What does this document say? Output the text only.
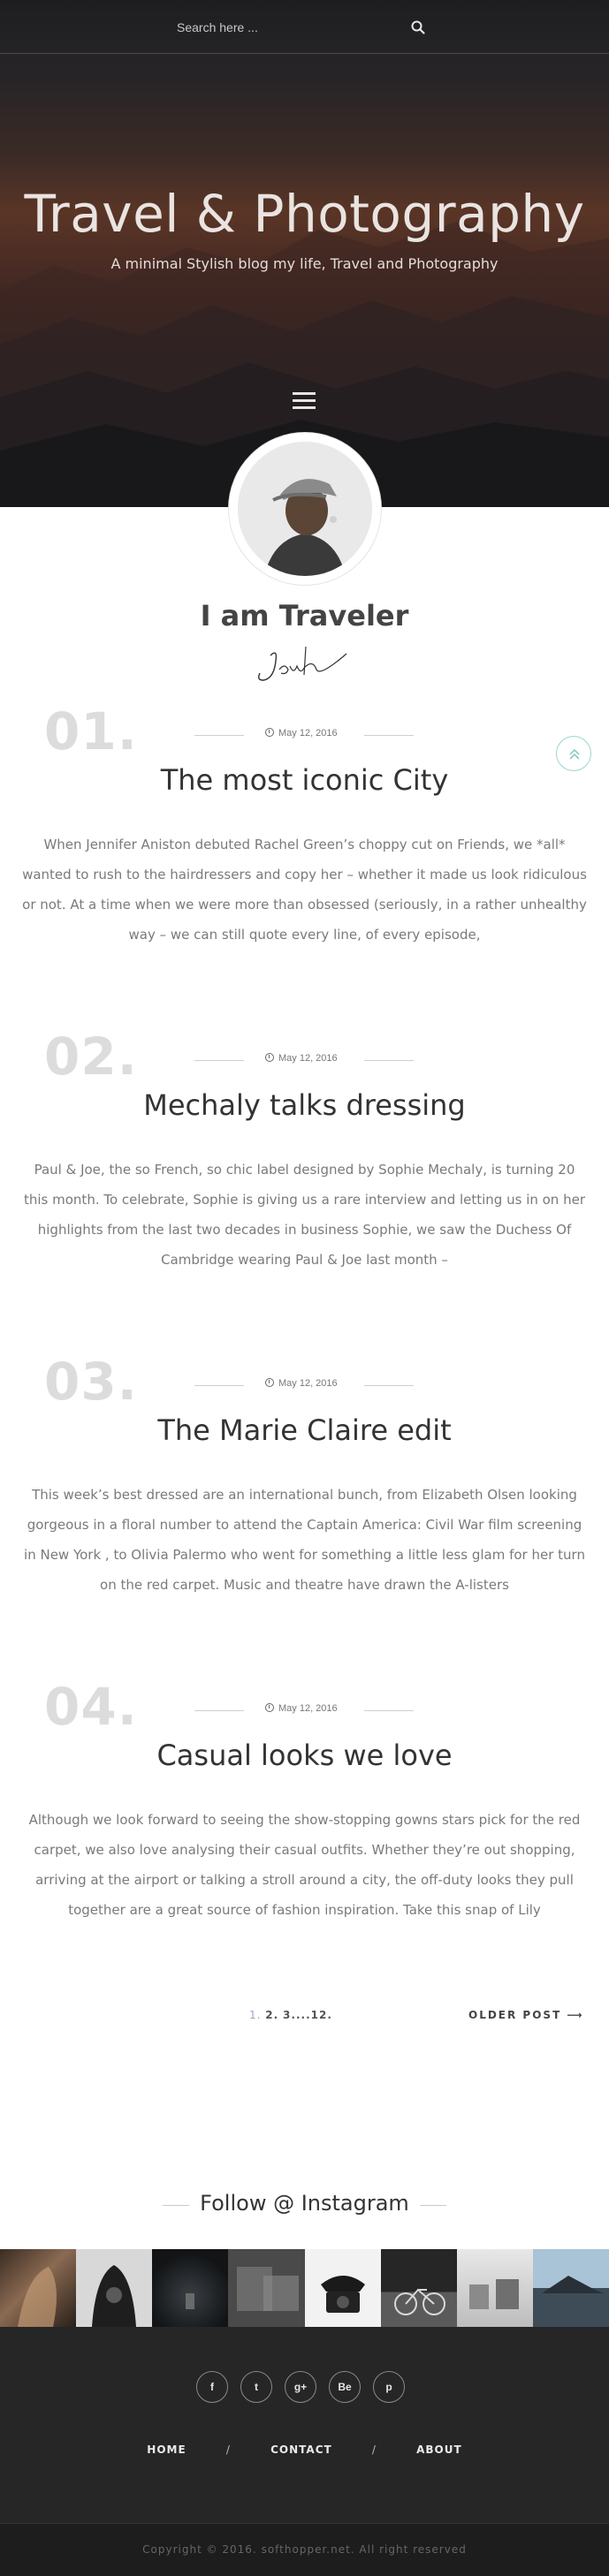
Search here ...
Travel & Photography

A minimal Stylish blog my life, Travel and Photography

I am Traveler
01.	May 12, 2016
The most iconic City

When Jennifer Aniston debuted Rachel Green’s choppy cut on Friends, we *all* wanted to rush to the hairdressers and copy her – whether it made us look ridiculous or not. At a time when we were more than obsessed (seriously, in a rather unhealthy way – we can still quote every line, of every episode,

02.	May 12, 2016
Mechaly talks dressing

Paul & Joe, the so French, so chic label designed by Sophie Mechaly, is turning 20 this month. To celebrate, Sophie is giving us a rare interview and letting us in on her highlights from the last two decades in business Sophie, we saw the Duchess Of Cambridge wearing Paul & Joe last month –

03.	May 12, 2016
The Marie Claire edit

This week’s best dressed are an international bunch, from Elizabeth Olsen looking gorgeous in a floral number to attend the Captain America: Civil War film screening in New York , to Olivia Palermo who went for something a little less glam for her turn on the red carpet. Music and theatre have drawn the A-listers

04.	May 12, 2016
Casual looks we love

Although we look forward to seeing the show-stopping gowns stars pick for the red carpet, we also love analysing their casual outfits. Whether they’re out shopping, arriving at the airport or talking a stroll around a city, the off-duty looks they pull together are a great source of fashion inspiration. Take this snap of Lily

1. 2. 3....12.	OLDER POST ⟶
Follow @ Instagram
f	t	g+	Be	p
HOME	/	CONTACT	/	ABOUT
Copyright © 2016. softhopper.net. All right reserved
